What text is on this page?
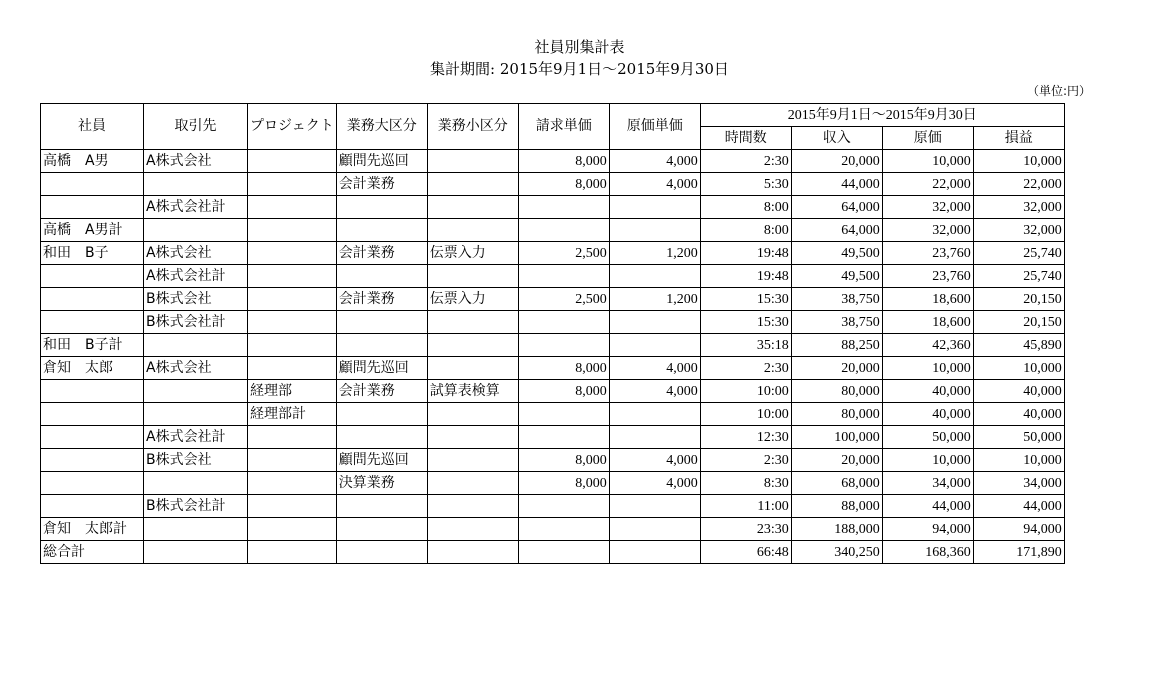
社員別集計表
集計期間: 2015年9月1日～2015年9月30日
（単位:円）
社員	取引先	プロジェクト	業務大区分	業務小区分	請求単価	原価単価	2015年9月1日～2015年9月30日			
							時間数	収入	原価	損益
高橋　A男	A株式会社		顧問先巡回		8,000	4,000	2:30	20,000	10,000	10,000
			会計業務		8,000	4,000	5:30	44,000	22,000	22,000
	A株式会社計						8:00	64,000	32,000	32,000
高橋　A男計							8:00	64,000	32,000	32,000
和田　B子	A株式会社		会計業務	伝票入力	2,500	1,200	19:48	49,500	23,760	25,740
	A株式会社計						19:48	49,500	23,760	25,740
	B株式会社		会計業務	伝票入力	2,500	1,200	15:30	38,750	18,600	20,150
	B株式会社計						15:30	38,750	18,600	20,150
和田　B子計							35:18	88,250	42,360	45,890
倉知　太郎	A株式会社		顧問先巡回		8,000	4,000	2:30	20,000	10,000	10,000
		経理部	会計業務	試算表検算	8,000	4,000	10:00	80,000	40,000	40,000
		経理部計					10:00	80,000	40,000	40,000
	A株式会社計						12:30	100,000	50,000	50,000
	B株式会社		顧問先巡回		8,000	4,000	2:30	20,000	10,000	10,000
			決算業務		8,000	4,000	8:30	68,000	34,000	34,000
	B株式会社計						11:00	88,000	44,000	44,000
倉知　太郎計							23:30	188,000	94,000	94,000
総合計							66:48	340,250	168,360	171,890
